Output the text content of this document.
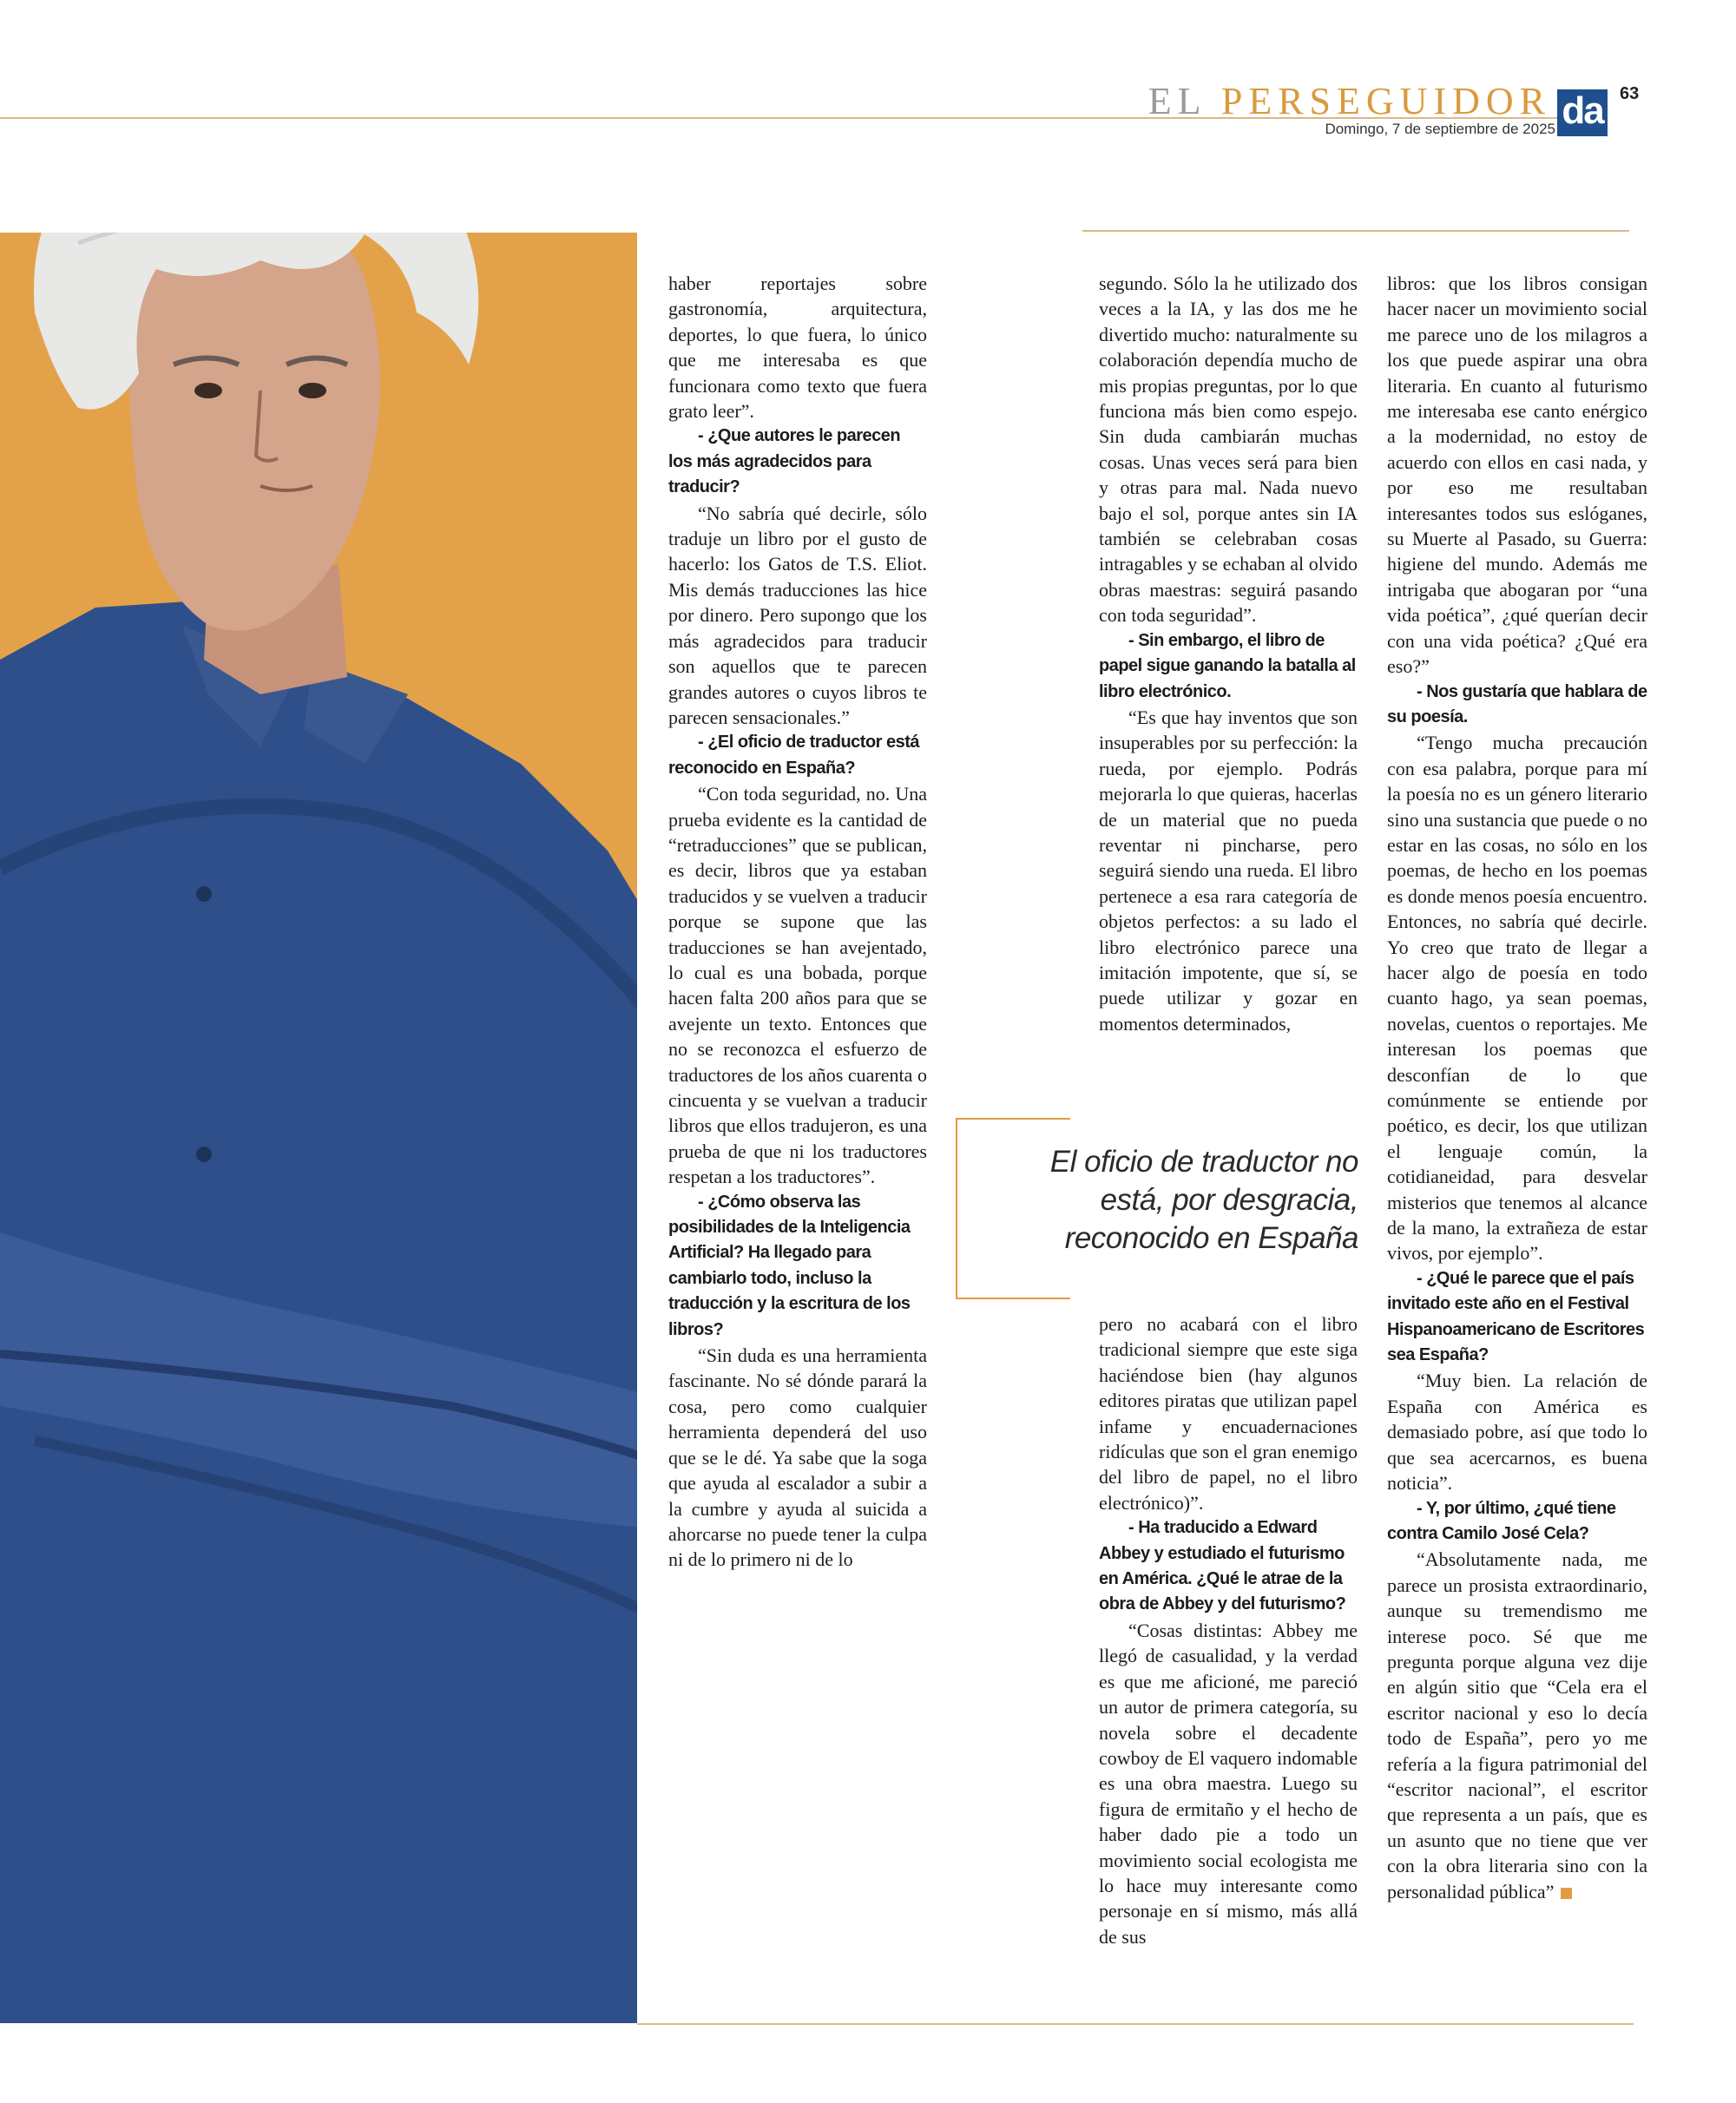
EL PERSEGUIDOR da 63
Domingo, 7 de septiembre de 2025

haber reportajes sobre gastronomía, arquitectura, deportes, lo que fuera, lo único que me interesaba es que funcionara como texto que fuera grato leer”.

- ¿Que autores le parecen los más agradecidos para traducir?

“No sabría qué decirle, sólo traduje un libro por el gusto de hacerlo: los Gatos de T.S. Eliot. Mis demás traducciones las hice por dinero. Pero supongo que los más agradecidos para traducir son aquellos que te parecen grandes autores o cuyos libros te parecen sensacionales.”

- ¿El oficio de traductor está reconocido en España?

“Con toda seguridad, no. Una prueba evidente es la cantidad de “retraducciones” que se publican, es decir, libros que ya estaban traducidos y se vuelven a traducir porque se supone que las traducciones se han avejentado, lo cual es una bobada, porque hacen falta 200 años para que se avejente un texto. Entonces que no se reconozca el esfuerzo de traductores de los años cuarenta o cincuenta y se vuelvan a traducir libros que ellos tradujeron, es una prueba de que ni los traductores respetan a los traductores”.

- ¿Cómo observa las posibilidades de la Inteligencia Artificial? Ha llegado para cambiarlo todo, incluso la traducción y la escritura de los libros?

“Sin duda es una herramienta fascinante. No sé dónde parará la cosa, pero como cualquier herramienta dependerá del uso que se le dé. Ya sabe que la soga que ayuda al escalador a subir a la cumbre y ayuda al suicida a ahorcarse no puede tener la culpa ni de lo primero ni de lo

segundo. Sólo la he utilizado dos veces a la IA, y las dos me he divertido mucho: naturalmente su colaboración dependía mucho de mis propias preguntas, por lo que funciona más bien como espejo. Sin duda cambiarán muchas cosas. Unas veces será para bien y otras para mal. Nada nuevo bajo el sol, porque antes sin IA también se celebraban cosas intragables y se echaban al olvido obras maestras: seguirá pasando con toda seguridad”.

- Sin embargo, el libro de papel sigue ganando la batalla al libro electrónico.

“Es que hay inventos que son insuperables por su perfección: la rueda, por ejemplo. Podrás mejorarla lo que quieras, hacerlas de un material que no pueda reventar ni pincharse, pero seguirá siendo una rueda. El libro pertenece a esa rara categoría de objetos perfectos: a su lado el libro electrónico parece una imitación impotente, que sí, se puede utilizar y gozar en momentos determinados,

El oficio de traductor no
está, por desgracia,
reconocido en España

pero no acabará con el libro tradicional siempre que este siga haciéndose bien (hay algunos editores piratas que utilizan papel infame y encuadernaciones ridículas que son el gran enemigo del libro de papel, no el libro electrónico)”.

- Ha traducido a Edward Abbey y estudiado el futurismo en América. ¿Qué le atrae de la obra de Abbey y del futurismo?

“Cosas distintas: Abbey me llegó de casualidad, y la verdad es que me aficioné, me pareció un autor de primera categoría, su novela sobre el decadente cowboy de El vaquero indomable es una obra maestra. Luego su figura de ermitaño y el hecho de haber dado pie a todo un movimiento social ecologista me lo hace muy interesante como personaje en sí mismo, más allá de sus

libros: que los libros consigan hacer nacer un movimiento social me parece uno de los milagros a los que puede aspirar una obra literaria. En cuanto al futurismo me interesaba ese canto enérgico a la modernidad, no estoy de acuerdo con ellos en casi nada, y por eso me resultaban interesantes todos sus eslóganes, su Muerte al Pasado, su Guerra: higiene del mundo. Además me intrigaba que abogaran por “una vida poética”, ¿qué querían decir con una vida poética? ¿Qué era eso?”

- Nos gustaría que hablara de su poesía.

“Tengo mucha precaución con esa palabra, porque para mí la poesía no es un género literario sino una sustancia que puede o no estar en las cosas, no sólo en los poemas, de hecho en los poemas es donde menos poesía encuentro. Entonces, no sabría qué decirle. Yo creo que trato de llegar a hacer algo de poesía en todo cuanto hago, ya sean poemas, novelas, cuentos o reportajes. Me interesan los poemas que desconfían de lo que comúnmente se entiende por poético, es decir, los que utilizan el lenguaje común, la cotidianeidad, para desvelar misterios que tenemos al alcance de la mano, la extrañeza de estar vivos, por ejemplo”.

- ¿Qué le parece que el país invitado este año en el Festival Hispanoamericano de Escritores sea España?

“Muy bien. La relación de España con América es demasiado pobre, así que todo lo que sea acercarnos, es buena noticia”.

- Y, por último, ¿qué tiene contra Camilo José Cela?

“Absolutamente nada, me parece un prosista extraordinario, aunque su tremendismo me interese poco. Sé que me pregunta porque alguna vez dije en algún sitio que “Cela era el escritor nacional y eso lo decía todo de España”, pero yo me refería a la figura patrimonial del “escritor nacional”, el escritor que representa a un país, que es un asunto que no tiene que ver con la obra literaria sino con la personalidad pública”
